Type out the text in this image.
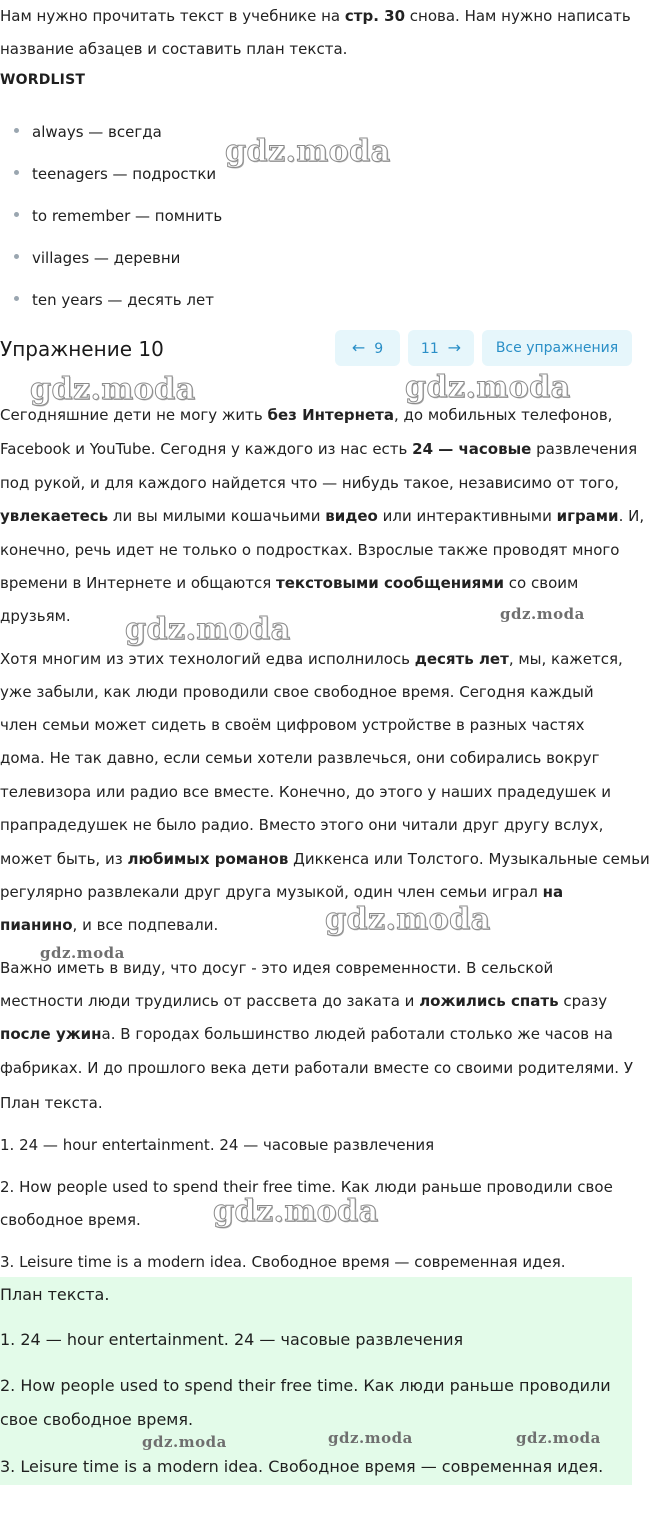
Нам нужно прочитать текст в учебнике на стр. 30 снова. Нам нужно написать
название абзацев и составить план текста.
WORDLIST
always — всегда
teenagers — подростки
to remember — помнить
villages — деревни
ten years — десять лет
Упражнение 10	← 9	11 →	Все упражнения
Сегодняшние дети не могу жить без Интернета, до мобильных телефонов,
Facebook и YouTube. Сегодня у каждого из нас есть 24 — часовые развлечения
под рукой, и для каждого найдется что — нибудь такое, независимо от того,
увлекаетесь ли вы милыми кошачьими видео или интерактивными играми. И,
конечно, речь идет не только о подростках. Взрослые также проводят много
времени в Интернете и общаются текстовыми сообщениями со своим
друзьям.
Хотя многим из этих технологий едва исполнилось десять лет, мы, кажется,
уже забыли, как люди проводили свое свободное время. Сегодня каждый
член семьи может сидеть в своём цифровом устройстве в разных частях
дома. Не так давно, если семьи хотели развлечься, они собирались вокруг
телевизора или радио все вместе. Конечно, до этого у наших прадедушек и
прапрадедушек не было радио. Вместо этого они читали друг другу вслух,
может быть, из любимых романов Диккенса или Толстого. Музыкальные семьи
регулярно развлекали друг друга музыкой, один член семьи играл на
пианино, и все подпевали.
Важно иметь в виду, что досуг - это идея современности. В сельской
местности люди трудились от рассвета до заката и ложились спать сразу
после ужина. В городах большинство людей работали столько же часов на
фабриках. И до прошлого века дети работали вместе со своими родителями. У
План текста.
1. 24 — hour entertainment. 24 — часовые развлечения
2. How people used to spend their free time. Как люди раньше проводили свое
свободное время.
3. Leisure time is a modern idea. Свободное время — современная идея.
План текста.
1. 24 — hour entertainment. 24 — часовые развлечения
2. How people used to spend their free time. Как люди раньше проводили
свое свободное время.
3. Leisure time is a modern idea. Свободное время — современная идея.
gdz.moda
gdz.moda	gdz.moda
gdz.moda
gdz.moda
gdz.moda
gdz.moda
gdz.moda
gdz.moda	gdz.moda	gdz.moda
